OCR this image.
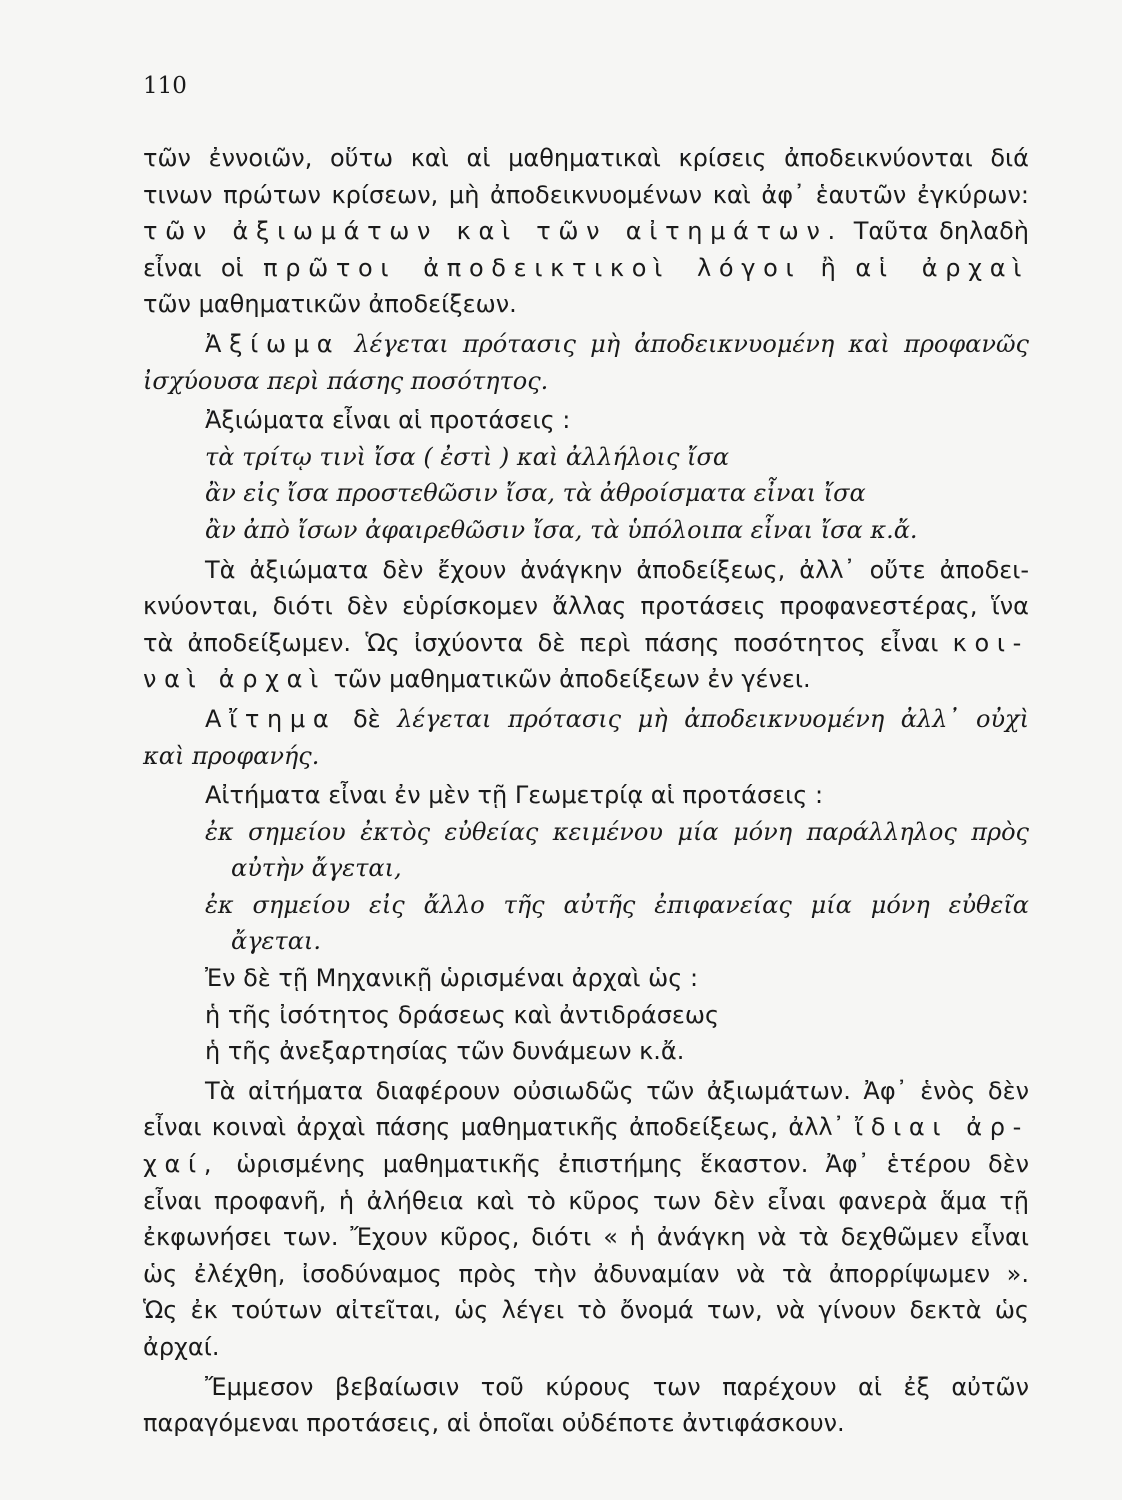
110
τῶν ἐννοιῶν, οὕτω καὶ αἱ μαθηματικαὶ κρίσεις ἀποδεικνύονται διά
τινων πρώτων κρίσεων, μὴ ἀποδεικνυομένων καὶ ἀφ᾿ ἑαυτῶν ἐγκύρων:
τῶν ἀξιωμάτων καὶ τῶν αἰτημάτων. Ταῦτα δηλαδὴ
εἶναι οἱ πρῶτοι ἀποδεικτικοὶ λόγοι ἢ αἱ ἀρχαὶ
τῶν μαθηματικῶν ἀποδείξεων.
Ἀξίωμα λέγεται πρότασις μὴ ἀποδεικνυομένη καὶ προφανῶς
ἰσχύουσα περὶ πάσης ποσότητος.
Ἀξιώματα εἶναι αἱ προτάσεις :
τὰ τρίτῳ τινὶ ἴσα ( ἐστὶ ) καὶ ἀλλήλοις ἴσα
ἂν εἰς ἴσα προστεθῶσιν ἴσα, τὰ ἀθροίσματα εἶναι ἴσα
ἂν ἀπὸ ἴσων ἀφαιρεθῶσιν ἴσα, τὰ ὑπόλοιπα εἶναι ἴσα κ.ἄ.
Τὰ ἀξιώματα δὲν ἔχουν ἀνάγκην ἀποδείξεως, ἀλλ᾿ οὔτε ἀποδει-
κνύονται, διότι δὲν εὑρίσκομεν ἄλλας προτάσεις προφανεστέρας, ἵνα
τὰ ἀποδείξωμεν. Ὡς ἰσχύοντα δὲ περὶ πάσης ποσότητος εἶναι κοι-
ναὶ ἀρχαὶ τῶν μαθηματικῶν ἀποδείξεων ἐν γένει.
Αἴτημα δὲ λέγεται πρότασις μὴ ἀποδεικνυομένη ἀλλ᾿ οὐχὶ
καὶ προφανής.
Αἰτήματα εἶναι ἐν μὲν τῇ Γεωμετρίᾳ αἱ προτάσεις :
ἐκ σημείου ἐκτὸς εὐθείας κειμένου μία μόνη παράλληλος πρὸς
αὐτὴν ἄγεται,
ἐκ σημείου εἰς ἄλλο τῆς αὐτῆς ἐπιφανείας μία μόνη εὐθεῖα
ἄγεται.
Ἐν δὲ τῇ Μηχανικῇ ὡρισμέναι ἀρχαὶ ὡς :
ἡ τῆς ἰσότητος δράσεως καὶ ἀντιδράσεως
ἡ τῆς ἀνεξαρτησίας τῶν δυνάμεων κ.ἄ.
Τὰ αἰτήματα διαφέρουν οὐσιωδῶς τῶν ἀξιωμάτων. Ἀφ᾿ ἑνὸς δὲν
εἶναι κοιναὶ ἀρχαὶ πάσης μαθηματικῆς ἀποδείξεως, ἀλλ᾿ ἴδιαι ἀρ-
χαί, ὡρισμένης μαθηματικῆς ἐπιστήμης ἕκαστον. Ἀφ᾿ ἑτέρου δὲν
εἶναι προφανῆ, ἡ ἀλήθεια καὶ τὸ κῦρος των δὲν εἶναι φανερὰ ἅμα τῇ
ἐκφωνήσει των. Ἔχουν κῦρος, διότι « ἡ ἀνάγκη νὰ τὰ δεχθῶμεν εἶναι
ὡς ἐλέχθη, ἰσοδύναμος πρὸς τὴν ἀδυναμίαν νὰ τὰ ἀπορρίψωμεν ».
Ὡς ἐκ τούτων αἰτεῖται, ὡς λέγει τὸ ὄνομά των, νὰ γίνουν δεκτὰ ὡς
ἀρχαί.
Ἔμμεσον βεβαίωσιν τοῦ κύρους των παρέχουν αἱ ἐξ αὐτῶν
παραγόμεναι προτάσεις, αἱ ὁποῖαι οὐδέποτε ἀντιφάσκουν.
